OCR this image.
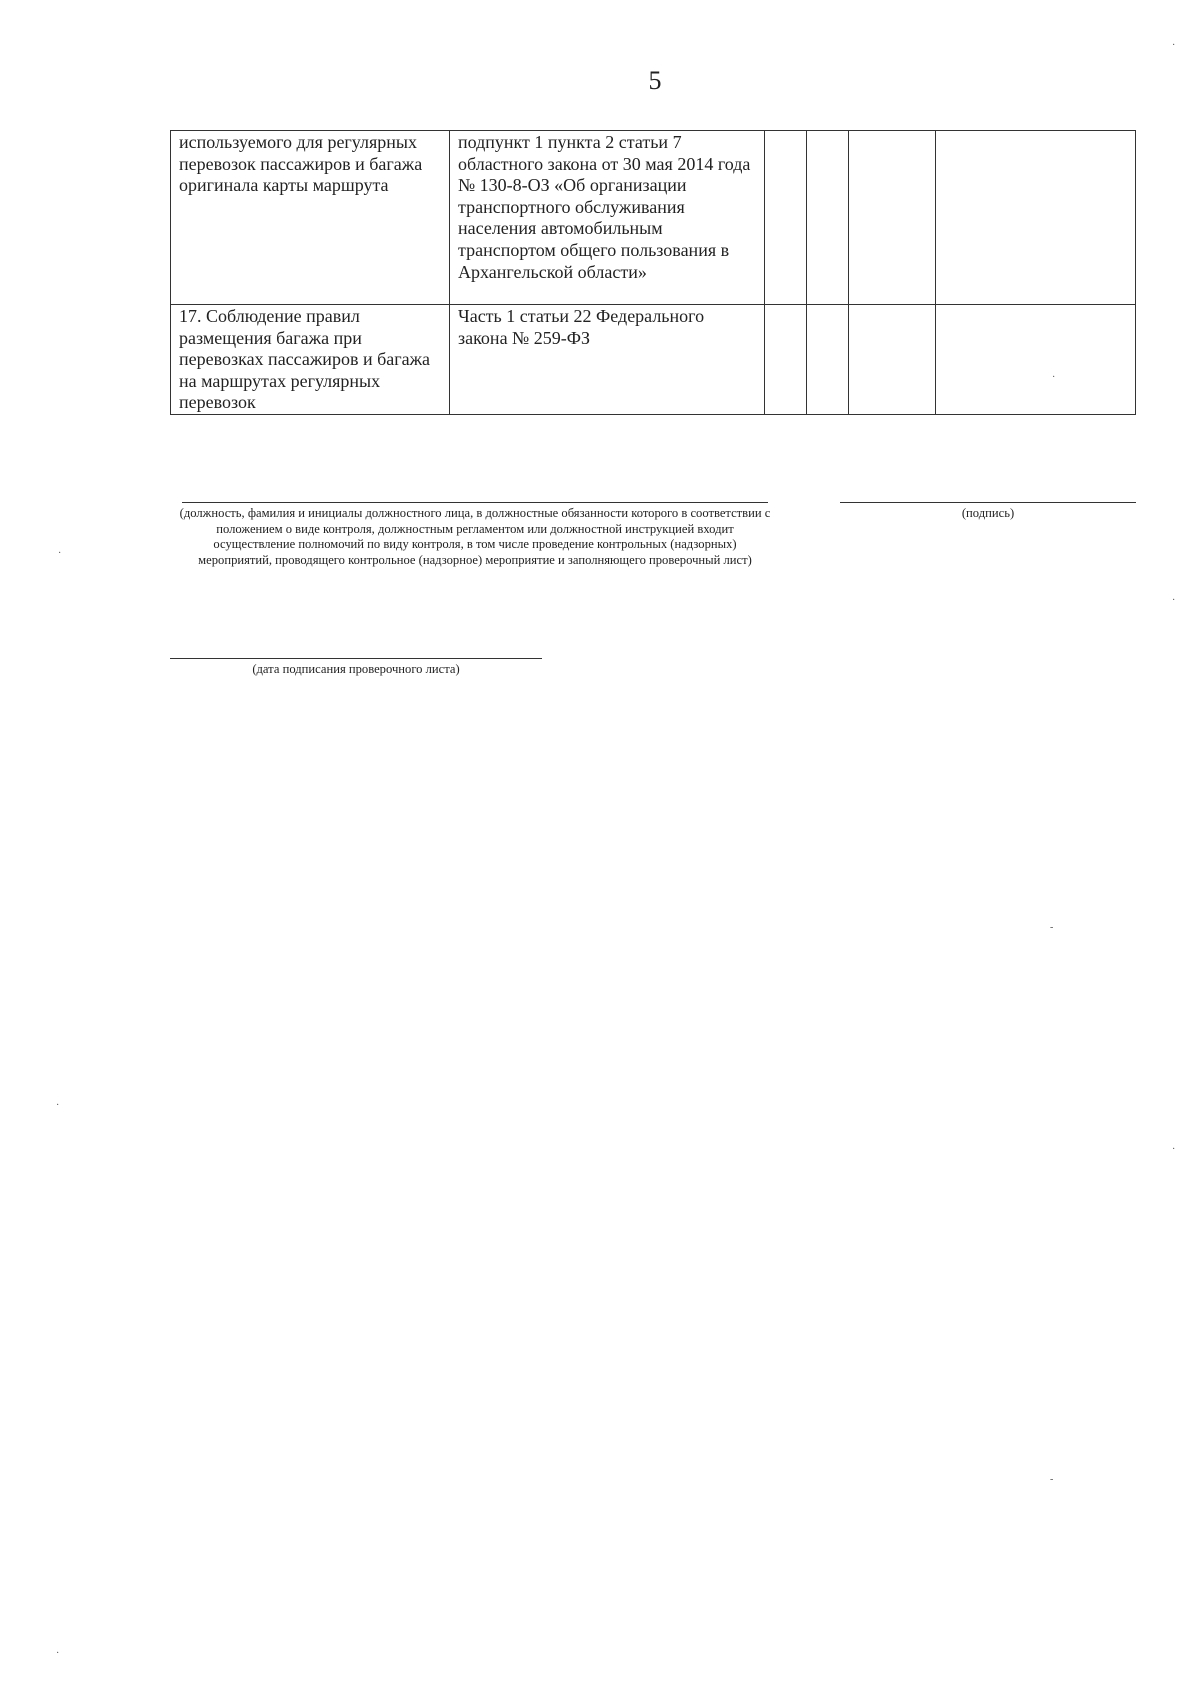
5
используемого для регулярных перевозок пассажиров и багажа оригинала карты маршрута	подпункт 1 пункта 2 статьи 7 областного закона от 30 мая 2014 года № 130-8-ОЗ «Об организации транспортного обслуживания населения автомобильным транспортом общего пользования в Архангельской области»				
17. Соблюдение правил размещения багажа при перевозках пассажиров и багажа на маршрутах регулярных перевозок	Часть 1 статьи 22 Федерального закона № 259-ФЗ				
(должность, фамилия и инициалы должностного лица, в должностные обязанности которого в соответствии с положением о виде контроля, должностным регламентом или должностной инструкцией входит осуществление полномочий по виду контроля, в том числе проведение контрольных (надзорных) мероприятий, проводящего контрольное (надзорное) мероприятие и заполняющего проверочный лист)
(подпись)
(дата подписания проверочного листа)
·
·
·
-
·
-
·
·
·
